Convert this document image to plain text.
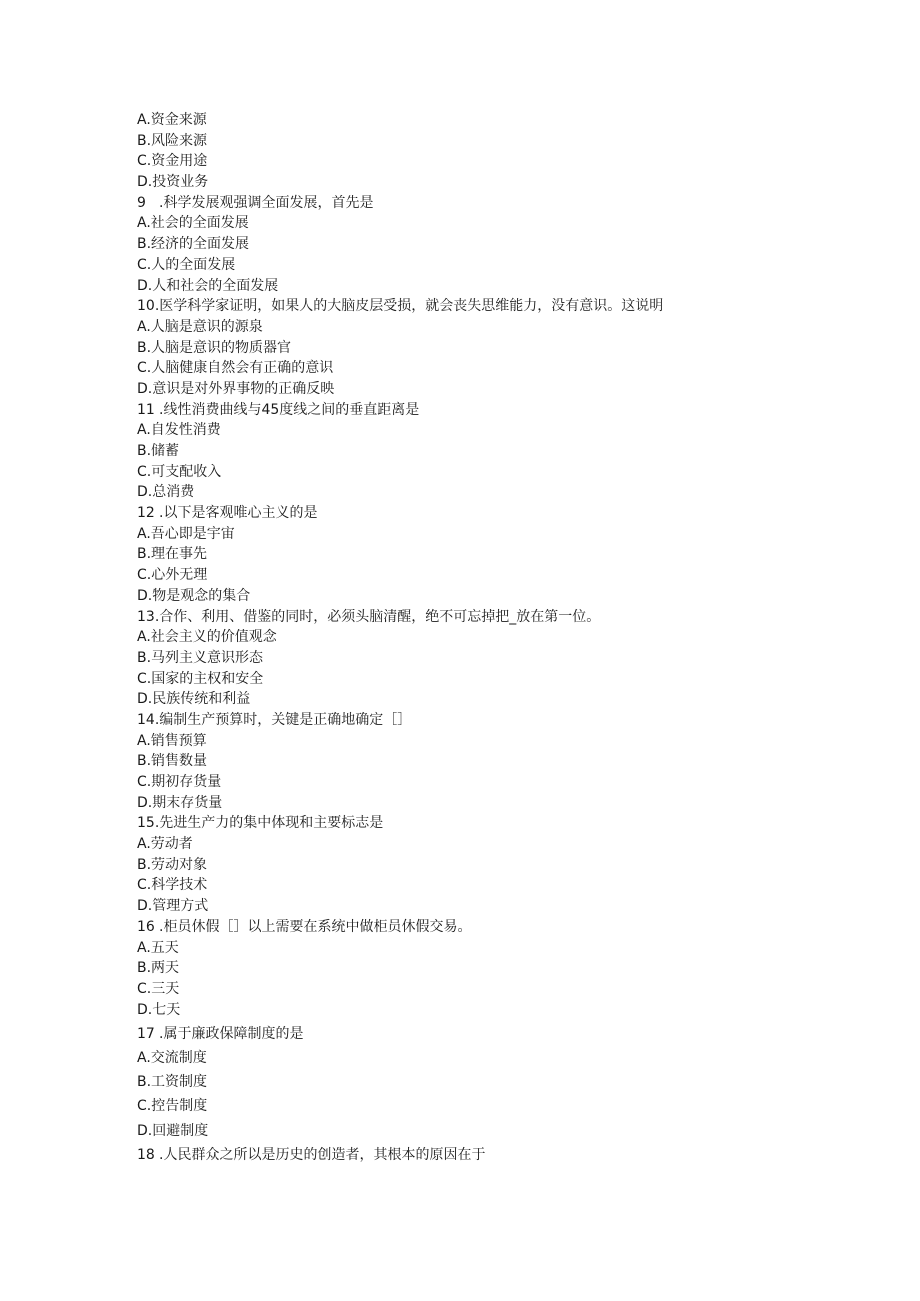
A.资金来源
B.风险来源
C.资金用途
D.投资业务
9 .科学发展观强调全面发展，首先是
A.社会的全面发展
B.经济的全面发展
C.人的全面发展
D.人和社会的全面发展
10.医学科学家证明，如果人的大脑皮层受损，就会丧失思维能力，没有意识。这说明
A.人脑是意识的源泉
B.人脑是意识的物质器官
C.人脑健康自然会有正确的意识
D.意识是对外界事物的正确反映
11 .线性消费曲线与45度线之间的垂直距离是
A.自发性消费
B.储蓄
C.可支配收入
D.总消费
12 .以下是客观唯心主义的是
A.吾心即是宇宙
B.理在事先
C.心外无理
D.物是观念的集合
13.合作、利用、借鉴的同时，必须头脑清醒，绝不可忘掉把_放在第一位。
A.社会主义的价值观念
B.马列主义意识形态
C.国家的主权和安全
D.民族传统和利益
14.编制生产预算时，关键是正确地确定［］
A.销售预算
B.销售数量
C.期初存货量
D.期末存货量
15.先进生产力的集中体现和主要标志是
A.劳动者
B.劳动对象
C.科学技术
D.管理方式
16 .柜员休假［］以上需要在系统中做柜员休假交易。
A.五天
B.两天
C.三天
D.七天
17 .属于廉政保障制度的是
A.交流制度
B.工资制度
C.控告制度
D.回避制度
18 .人民群众之所以是历史的创造者，其根本的原因在于
